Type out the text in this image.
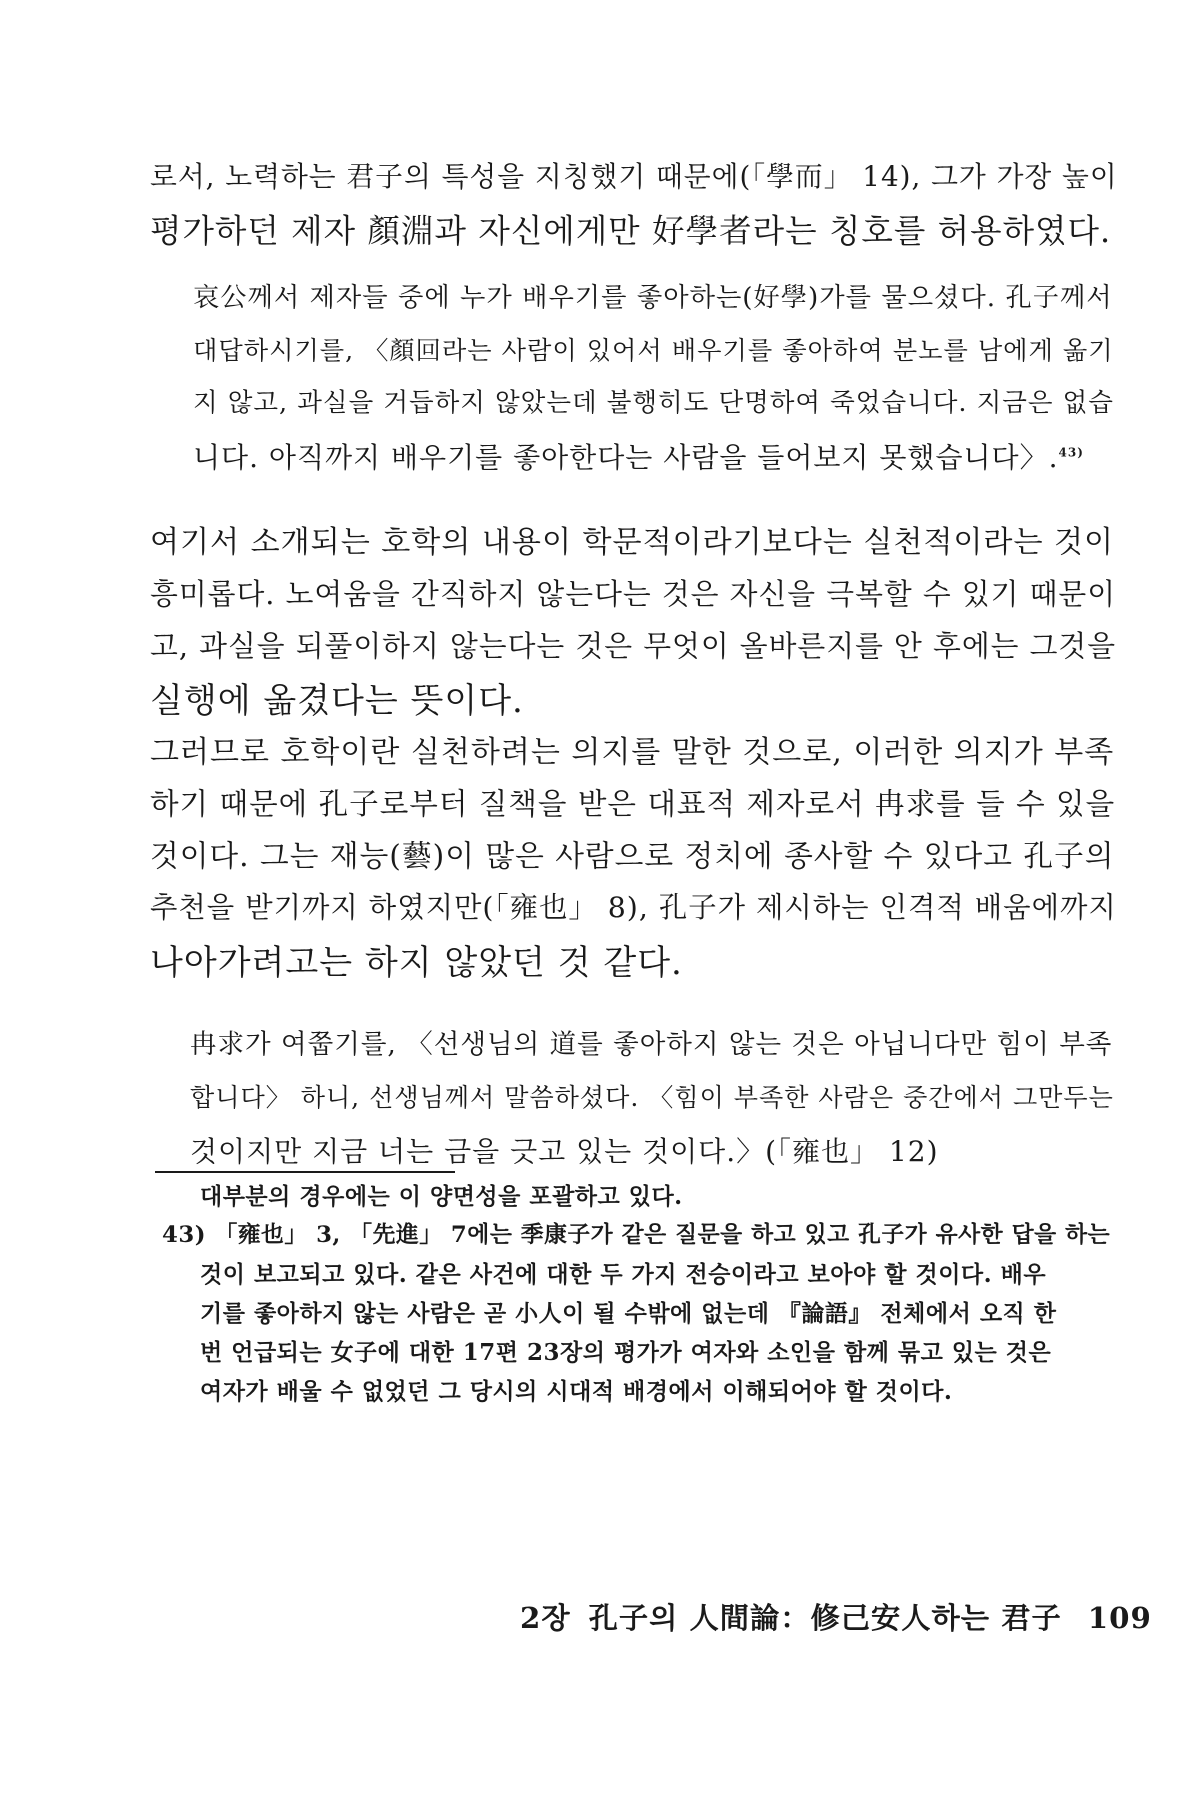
로서, 노력하는 君子의 특성을 지칭했기 때문에(「學而」 14), 그가 가장 높이

평가하던 제자 顏淵과 자신에게만 好學者라는 칭호를 허용하였다.

哀公께서 제자들 중에 누가 배우기를 좋아하는(好學)가를 물으셨다. 孔子께서

대답하시기를, 〈顏回라는 사람이 있어서 배우기를 좋아하여 분노를 남에게 옮기

지 않고, 과실을 거듭하지 않았는데 불행히도 단명하여 죽었습니다. 지금은 없습

니다. 아직까지 배우기를 좋아한다는 사람을 들어보지 못했습니다〉.$^{43)}$

여기서 소개되는 호학의 내용이 학문적이라기보다는 실천적이라는 것이

흥미롭다. 노여움을 간직하지 않는다는 것은 자신을 극복할 수 있기 때문이

고, 과실을 되풀이하지 않는다는 것은 무엇이 올바른지를 안 후에는 그것을

실행에 옮겼다는 뜻이다.

그러므로 호학이란 실천하려는 의지를 말한 것으로, 이러한 의지가 부족

하기 때문에 孔子로부터 질책을 받은 대표적 제자로서 冉求를 들 수 있을

것이다. 그는 재능(藝)이 많은 사람으로 정치에 종사할 수 있다고 孔子의

추천을 받기까지 하였지만(「雍也」 8), 孔子가 제시하는 인격적 배움에까지

나아가려고는 하지 않았던 것 같다.

冉求가 여쭙기를, 〈선생님의 道를 좋아하지 않는 것은 아닙니다만 힘이 부족

합니다〉 하니, 선생님께서 말씀하셨다. 〈힘이 부족한 사람은 중간에서 그만두는

것이지만 지금 너는 금을 긋고 있는 것이다.〉(「雍也」 12)

대부분의 경우에는 이 양면성을 포괄하고 있다.

43) 「雍也」 3, 「先進」 7에는 季康子가 같은 질문을 하고 있고 孔子가 유사한 답을 하는

것이 보고되고 있다. 같은 사건에 대한 두 가지 전승이라고 보아야 할 것이다. 배우

기를 좋아하지 않는 사람은 곧 小人이 될 수밖에 없는데 『論語』 전체에서 오직 한

번 언급되는 女子에 대한 17편 23장의 평가가 여자와 소인을 함께 묶고 있는 것은

여자가 배울 수 없었던 그 당시의 시대적 배경에서 이해되어야 할 것이다.

2장 孔子의 人間論：修己安人하는 君子 109
